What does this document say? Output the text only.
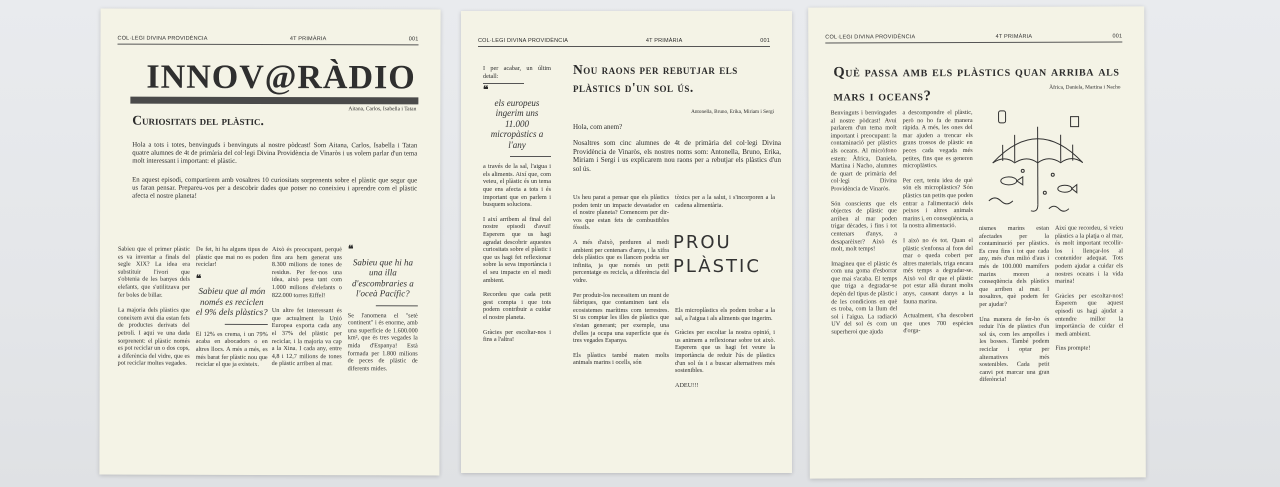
COL·LEGI DIVINA PROVIDÈNCIA	4T PRIMÀRIA	001
INNOV@RÀDIO
Aitana, Carlos, Isabella i Tatan
Curiositats del plàstic.

Hola a tots i totes, benvinguds i benvinguts al nostre pòdcast! Som Aitana, Carlos, Isabella i Tatan quatre alumnes de 4t de primària del col·legi Divina Providència de Vinaròs i us volem parlar d'un tema molt interessant i important: el plàstic.

En aquest episodi, compartirem amb vosaltres 10 curiositats sorprenents sobre el plàstic que segur que us faran pensar. Prepareu-vos per a descobrir dades que potser no coneixieu i aprendre com el plàstic afecta el nostre planeta!

Sabieu que el primer plàstic es va inventar a finals del segle XIX? La idea era substituir l'ivori que s'obtenia de les banyes dels elefants, que s'utilitzava per fer boles de billar.

La majoria dels plàstics que coneixem avui dia estan fets de productes derivats del petroli. I aquí ve una dada sorprenent: el plàstic només es pot reciclar un o dos cops, a diferència del vidre, que es pot reciclar moltes vegades.

De fet, hi ha alguns tipus de plàstic que mai no es poden reciclar!

❝
Sabieu que al món només es reciclen el 9% dels plàstics?

El 12% es crema, i un 79% acaba en abocadors o en altres llocs. A més a més, es més barat fer plàstic nou que reciclar el que ja existeix.

Això és preocupant, perquè fins ara hem generat uns 8.300 milions de tones de residus. Per fer-nos una idea, això pesa tant com 1.000 milions d'elefants o 822.000 torres Eiffel!

Un altre fet interessant és que actualment la Unió Europea exporta cada any el 37% del plàstic per reciclar, i la majoria va cap a la Xina. I cada any, entre 4,8 i 12,7 milions de tones de plàstic arriben al mar.

❝
Sabieu que hi ha una illa d'escombraries a l'oceà Pacífic?

Se l'anomena el "setè continent" i és enorme, amb una superfície de 1.600.000 km², que és tres vegades la mida d'Espanya! Està formada per 1.800 milions de peces de plàstic de diferents mides.

COL·LEGI DIVINA PROVIDÈNCIA	4T PRIMÀRIA	001

I per acabar, un últim detall:

❝
els europeus ingerim uns 11.000 micropàstics a l'any

a través de la sal, l'aigua i els aliments. Així que, com veieu, el plàstic és un tema que ens afecta a tots i és important que en parlem i busquem solucions.

I així arribem al final del nostre episodi d'avui! Esperem que us hagi agradat descobrir aquestes curiositats sobre el plàstic i que us hagi fet reflexionar sobre la seva importància i el seu impacte en el medi ambient.

Recordeu que cada petit gest compta i que tots podem contribuir a cuidar el nostre planeta.

Gràcies per escoltar-nos i fins a l'altra!

Nou raons per rebutjar els plàstics d'un sol ús.
Antonella, Bruno, Erika, Miriam i Sergi

Hola, com anem?

Nosaltres som cinc alumnes de 4t de primària del col·legi Divina Providència de Vinaròs, els nostres noms som: Antonella, Bruno, Erika, Miriam i Sergi i us explicarem nou raons per a rebutjar els plàstics d'un sol ús.

Us heu parat a pensar que els plàstics poden tenir un impacte devastador en el nostre planeta? Comencem per dir-vos que estan fets de combustibles fòssils.

A més d'això, perduren al medi ambient per centenars d'anys, i la xifra dels plàstics que es llancen podria ser infinita, ja que només un petit percentatge es recicla, a diferència del vidre.

Per produir-los necessitem un munt de fàbriques, que contaminen tant els ecosistemes marítims com terrestres. Si us comptar les illes de plàstics que s'estan generant; per exemple, una d'elles ja ocupa una superfície que és tres vegades Espanya.

Els plàstics també maten molts animals marins i ocells, són

tòxics per a la salut, i s'incorporen a la cadena alimentària.

PROU PLÀSTIC

Els microplàstics els podem trobar a la sal, a l'aigua i als aliments que ingerim.

Gràcies per escoltar la nostra opinió, i us animem a reflexionar sobre tot això. Esperem que us hagi fet veure la importància de reduir l'ús de plàstics d'un sol ús i a buscar alternatives més sostenibles.

ADEU!!!

COL·LEGI DIVINA PROVIDÈNCIA	4T PRIMÀRIA	001
Què passa amb els plàstics quan arriba als mars i oceans?
Àfrica, Daniela, Martina i Nacho

Benvinguts i benvingudes al nostre pòdcast! Avui parlarem d'un tema molt important i preocupant: la contaminació per plàstics als oceans. Al micròfono estem: Àfrica, Daniela, Martina i Nacho, alumnes de quart de primària del col·legi Divina Providència de Vinaròs.

Són conscients que els objectes de plàstic que arriben al mar poden trigar dècades, i fins i tot centenars d'anys, a desaparèixer? Això és molt, molt temps!

Imagineu que el plàstic és com una goma d'esborrar que mai s'acaba. El temps que triga a degradar-se depèn del tipus de plàstic i de les condicions en què es troba, com la llum del sol i l'aigua. La radiació UV del sol és com un superheroi que ajuda

a descompondre el plàstic, però no ho fa de manera ràpida. A més, les ones del mar ajuden a trencar els grans trossos de plàstic en peces cada vegada més petites, fins que es generen microplàstics.

Per cert, teniu idea de què són els microplàstics? Són plàstics tan petits que poden entrar a l'alimentació dels peixos i altres animals marins i, en conseqüència, a la nostra alimentació.

I això no és tot. Quan el plàstic s'enfonsa al fons del mar o queda cobert per altres materials, triga encara més temps a degradar-se. Això vol dir que el plàstic pot estar allà durant molts anys, causant danys a la fauna marina.

Actualment, s'ha descobert que unes 700 espècies d'orga-

nismes marins estan afectades per la contaminació per plàstics. Es creu fins i tot que cada any, més d'un milió d'aus i més de 100.000 mamífers marins moren a conseqüència dels plàstics que arriben al mar. I nosaltres, què podem fer per ajudar?

Una manera de fer-ho és reduir l'ús de plàstics d'un sol ús, com les ampolles i les bosses. També podem reciclar i optar per alternatives més sostenibles. Cada petit canvi pot marcar una gran diferència!

Així que recordeu, si veieu plàstics a la platja o al mar, és molt important recollir-los i llençar-los al contenidor adequat. Tots podem ajudar a cuidar els nostres oceans i la vida marina!

Gràcies per escoltar-nos! Esperem que aquest episodi us hagi ajudat a entendre millor la importància de cuidar el medi ambient.

Fins prompte!
